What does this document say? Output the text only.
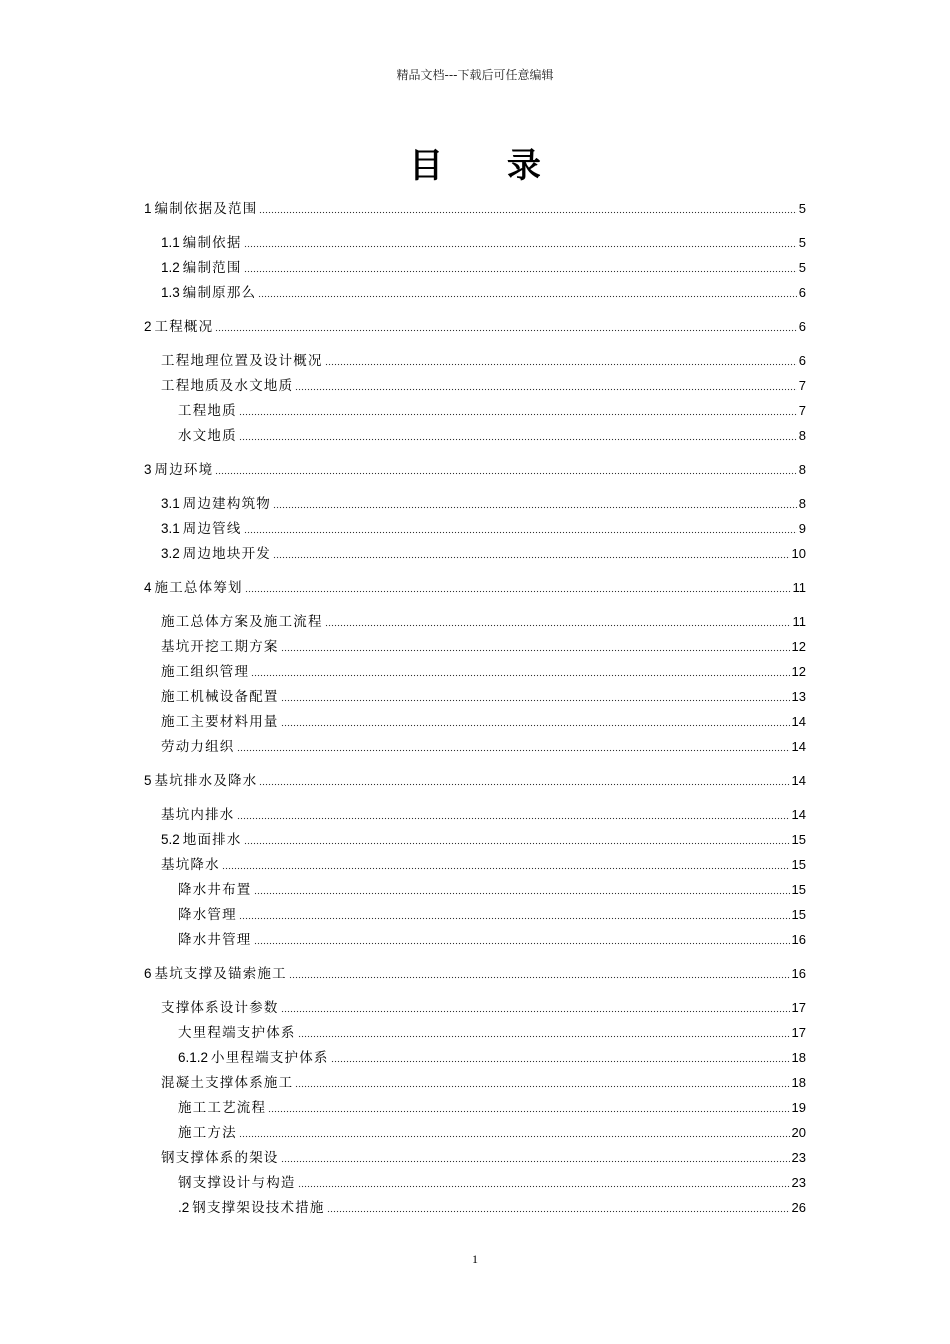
精品文档---下载后可任意编辑
目 录
1 编制依据及范围	5
1.1 编制依据	5
1.2 编制范围	5
1.3 编制原那么	6
2 工程概况	6
工程地理位置及设计概况	6
工程地质及水文地质	7
工程地质	7
水文地质	8
3 周边环境	8
3.1 周边建构筑物	8
3.1 周边管线	9
3.2 周边地块开发	10
4 施工总体筹划	11
施工总体方案及施工流程	11
基坑开挖工期方案	12
施工组织管理	12
施工机械设备配置	13
施工主要材料用量	14
劳动力组织	14
5 基坑排水及降水	14
基坑内排水	14
5.2 地面排水	15
基坑降水	15
降水井布置	15
降水管理	15
降水井管理	16
6 基坑支撑及锚索施工	16
支撑体系设计参数	17
大里程端支护体系	17
6.1.2 小里程端支护体系	18
混凝土支撑体系施工	18
施工工艺流程	19
施工方法	20
钢支撑体系的架设	23
钢支撑设计与构造	23
.2 钢支撑架设技术措施	26
1
